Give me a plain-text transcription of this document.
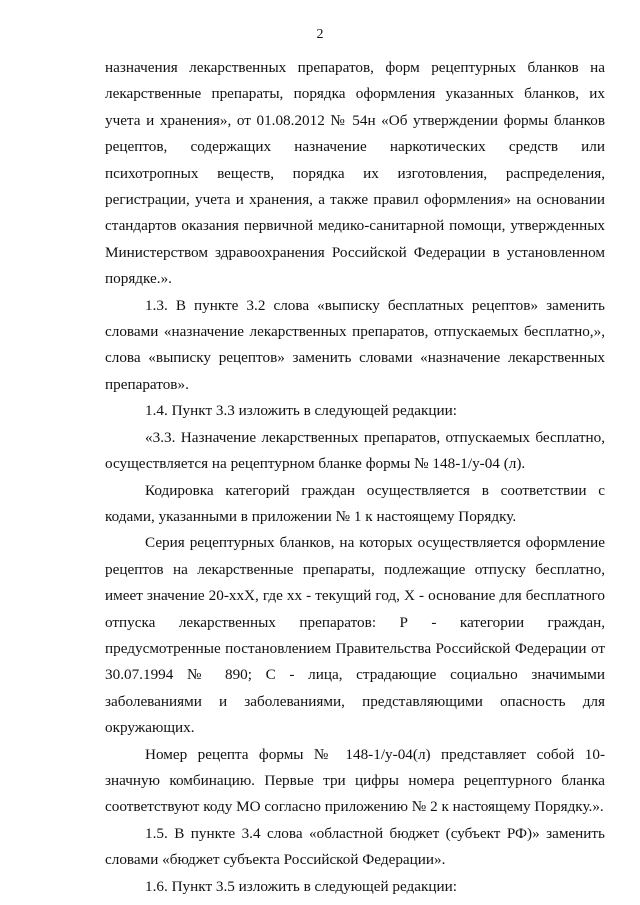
2

назначения лекарственных препаратов, форм рецептурных бланков на лекарственные препараты, порядка оформления указанных бланков, их учета и хранения», от 01.08.2012 № 54н «Об утверждении формы бланков рецептов, содержащих назначение наркотических средств или психотропных веществ, порядка их изготовления, распределения, регистрации, учета и хранения, а также правил оформления» на основании стандартов оказания первичной медико-санитарной помощи, утвержденных Министерством здравоохранения Российской Федерации в установленном порядке.».

1.3. В пункте 3.2 слова «выписку бесплатных рецептов» заменить словами «назначение лекарственных препаратов, отпускаемых бесплатно,», слова «выписку рецептов» заменить словами «назначение лекарственных препаратов».

1.4. Пункт 3.3 изложить в следующей редакции:

«3.3. Назначение лекарственных препаратов, отпускаемых бесплатно, осуществляется на рецептурном бланке формы № 148-1/у-04 (л).

Кодировка категорий граждан осуществляется в соответствии с кодами, указанными в приложении № 1 к настоящему Порядку.

Серия рецептурных бланков, на которых осуществляется оформление рецептов на лекарственные препараты, подлежащие отпуску бесплатно, имеет значение 20-ххХ, где хх - текущий год, Х - основание для бесплатного отпуска лекарственных препаратов: Р - категории граждан, предусмотренные постановлением Правительства Российской Федерации от 30.07.1994 № 890; С - лица, страдающие социально значимыми заболеваниями и заболеваниями, представляющими опасность для окружающих.

Номер рецепта формы № 148-1/у-04(л) представляет собой 10-значную комбинацию. Первые три цифры номера рецептурного бланка соответствуют коду МО согласно приложению № 2 к настоящему Порядку.».

1.5. В пункте 3.4 слова «областной бюджет (субъект РФ)» заменить словами «бюджет субъекта Российской Федерации».

1.6. Пункт 3.5 изложить в следующей редакции:
